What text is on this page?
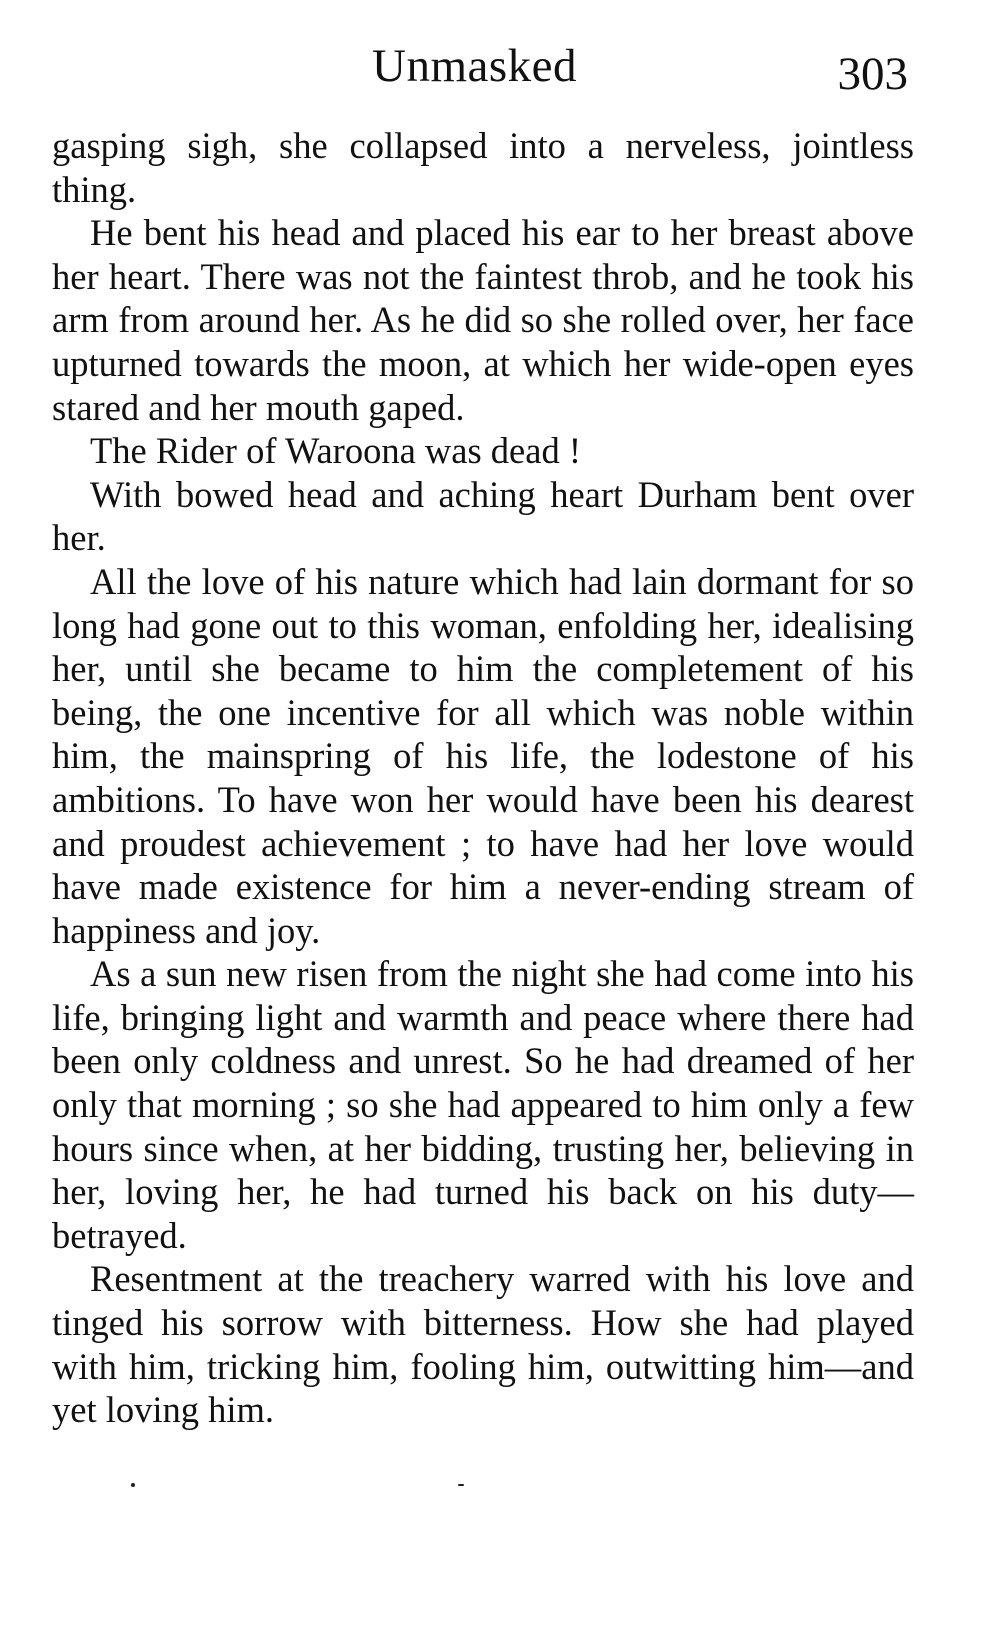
Unmasked	303

gasping sigh, she collapsed into a nerveless, jointless thing.

He bent his head and placed his ear to her breast above her heart. There was not the faintest throb, and he took his arm from around her. As he did so she rolled over, her face upturned towards the moon, at which her wide-open eyes stared and her mouth gaped.

The Rider of Waroona was dead !

With bowed head and aching heart Durham bent over her.

All the love of his nature which had lain dormant for so long had gone out to this woman, enfolding her, idealising her, until she became to him the completement of his being, the one incentive for all which was noble within him, the mainspring of his life, the lodestone of his ambitions. To have won her would have been his dearest and proudest achievement ; to have had her love would have made existence for him a never-ending stream of happiness and joy.

As a sun new risen from the night she had come into his life, bringing light and warmth and peace where there had been only coldness and unrest. So he had dreamed of her only that morning ; so she had appeared to him only a few hours since when, at her bidding, trusting her, believing in her, loving her, he had turned his back on his duty—betrayed.

Resentment at the treachery warred with his love and tinged his sorrow with bitterness. How she had played with him, tricking him, fooling him, outwitting him—and yet loving him.
